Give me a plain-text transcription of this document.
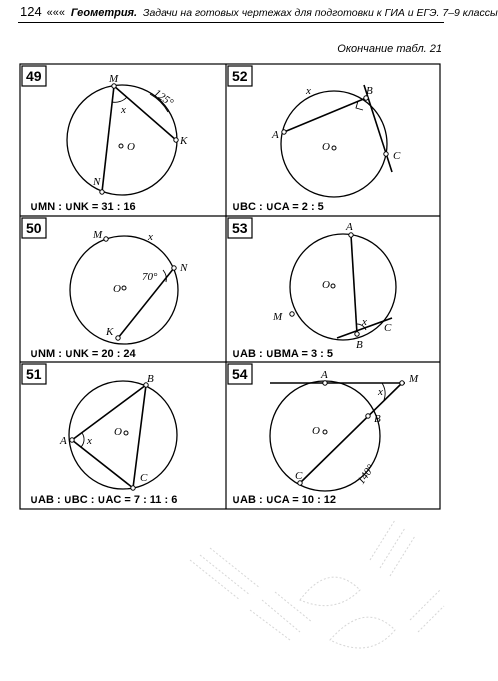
124 ««« Геометрия. Задачи на готовых чертежах для подготовки к ГИА и ЕГЭ. 7–9 классы
Окончание табл. 21
49	M
N
K
O
x
125°
∪MN : ∪NK = 31 : 16
52
A
B
C
O
x
∪BC : ∪CA = 2 : 5
50	M
N
K
O
x
70°
∪NM : ∪NK = 20 : 24
53	A
B
C
M
O
x
∪AB : ∪BMA = 3 : 5
51
A
B
C
O
x
∪AB : ∪BC : ∪AC = 7 : 11 : 6
54	A
B
C
M
O
x
140°
∪AB : ∪CA = 10 : 12
